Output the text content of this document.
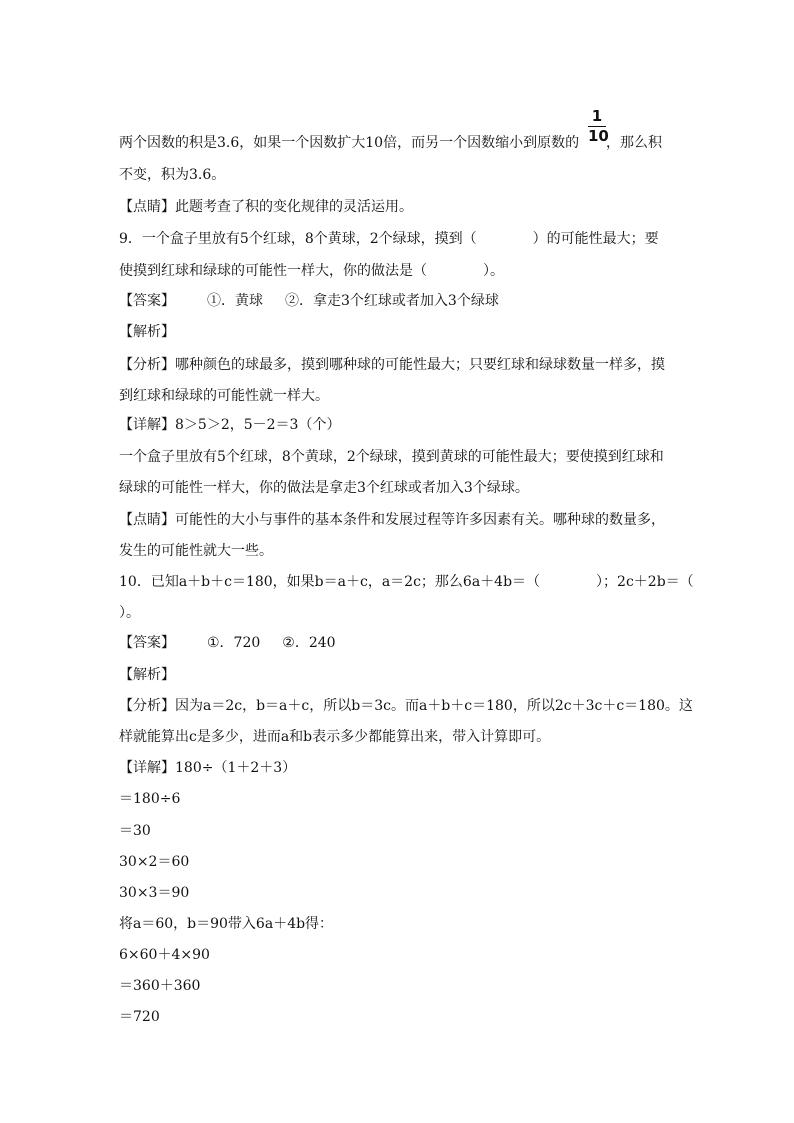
1
10
两个因数的积是3.6，如果一个因数扩大10倍，而另一个因数缩小到原数的 ，那么积
不变，积为3.6。
【点睛】此题考查了积的变化规律的灵活运用。
9．一个盒子里放有5个红球，8个黄球，2个绿球，摸到（　　　　）的可能性最大；要
使摸到红球和绿球的可能性一样大，你的做法是（　　　　）。
【答案】 ①．黄球 ②．拿走3个红球或者加入3个绿球
【解析】
【分析】哪种颜色的球最多，摸到哪种球的可能性最大；只要红球和绿球数量一样多，摸
到红球和绿球的可能性就一样大。
【详解】8＞5＞2，5－2＝3（个）
一个盒子里放有5个红球，8个黄球，2个绿球，摸到黄球的可能性最大；要使摸到红球和
绿球的可能性一样大，你的做法是拿走3个红球或者加入3个绿球。
【点睛】可能性的大小与事件的基本条件和发展过程等许多因素有关。哪种球的数量多，
发生的可能性就大一些。
10．已知a＋b＋c＝180，如果b＝a＋c，a＝2c；那么6a＋4b＝（　　　　）；2c＋2b＝（
）。
【答案】 ①．720 ②．240
【解析】
【分析】因为a＝2c，b＝a＋c，所以b＝3c。而a＋b＋c＝180，所以2c＋3c＋c＝180。这
样就能算出c是多少，进而a和b表示多少都能算出来，带入计算即可。
【详解】180÷（1＋2＋3）
＝180÷6
＝30
30×2＝60
30×3＝90
将a＝60，b＝90带入6a＋4b得：
6×60＋4×90
＝360＋360
＝720
